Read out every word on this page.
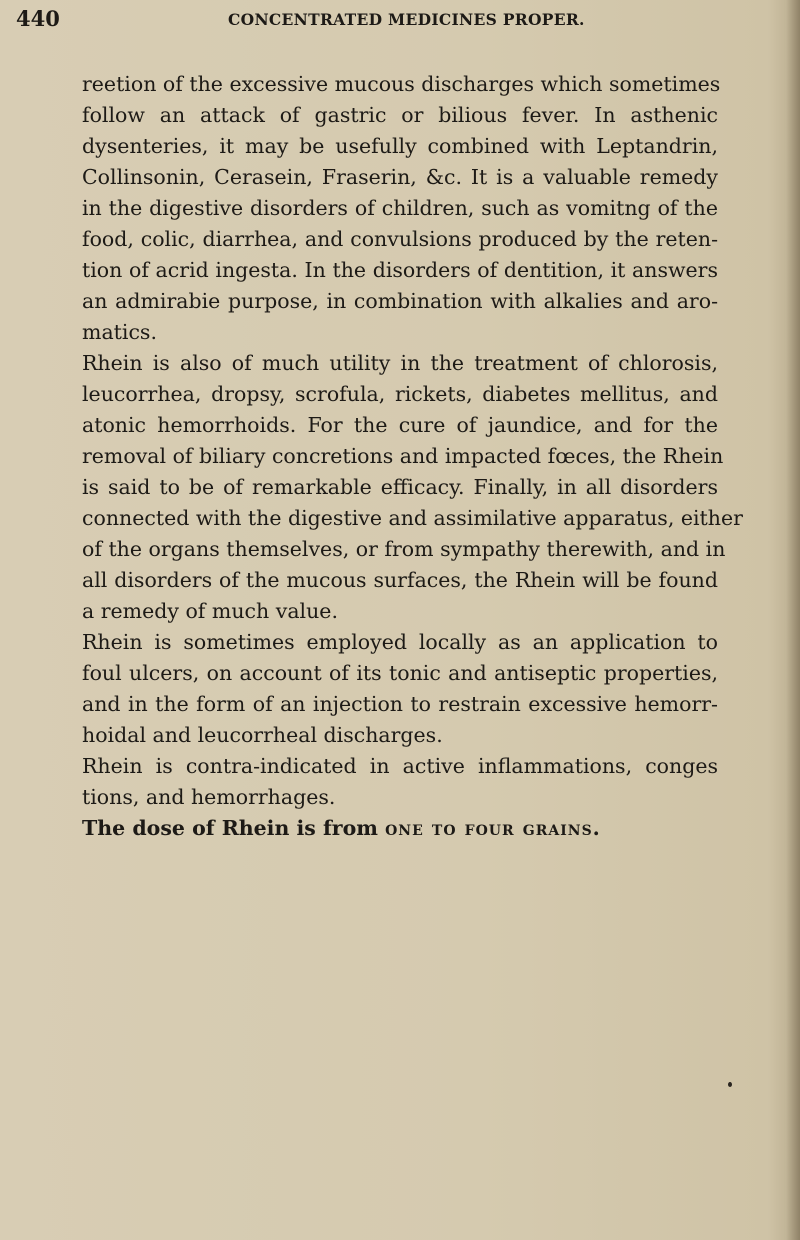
440	CONCENTRATED MEDICINES PROPER.
reetion of the excessive mucous discharges which sometimes
follow an attack of gastric or bilious fever. In asthenic
dysenteries, it may be usefully combined with Leptandrin,
Collinsonin, Cerasein, Fraserin, &c. It is a valuable remedy
in the digestive disorders of children, such as vomitng of the
food, colic, diarrhea, and convulsions produced by the reten-
tion of acrid ingesta. In the disorders of dentition, it answers
an admirabie purpose, in combination with alkalies and aro-
matics.
Rhein is also of much utility in the treatment of chlorosis,
leucorrhea, dropsy, scrofula, rickets, diabetes mellitus, and
atonic hemorrhoids. For the cure of jaundice, and for the
removal of biliary concretions and impacted fœces, the Rhein
is said to be of remarkable efficacy. Finally, in all disorders
connected with the digestive and assimilative apparatus, either
of the organs themselves, or from sympathy therewith, and in
all disorders of the mucous surfaces, the Rhein will be found
a remedy of much value.
Rhein is sometimes employed locally as an application to
foul ulcers, on account of its tonic and antiseptic properties,
and in the form of an injection to restrain excessive hemorr-
hoidal and leucorrheal discharges.
Rhein is contra-indicated in active inflammations, conges
tions, and hemorrhages.
The dose of Rhein is from one to four grains.
